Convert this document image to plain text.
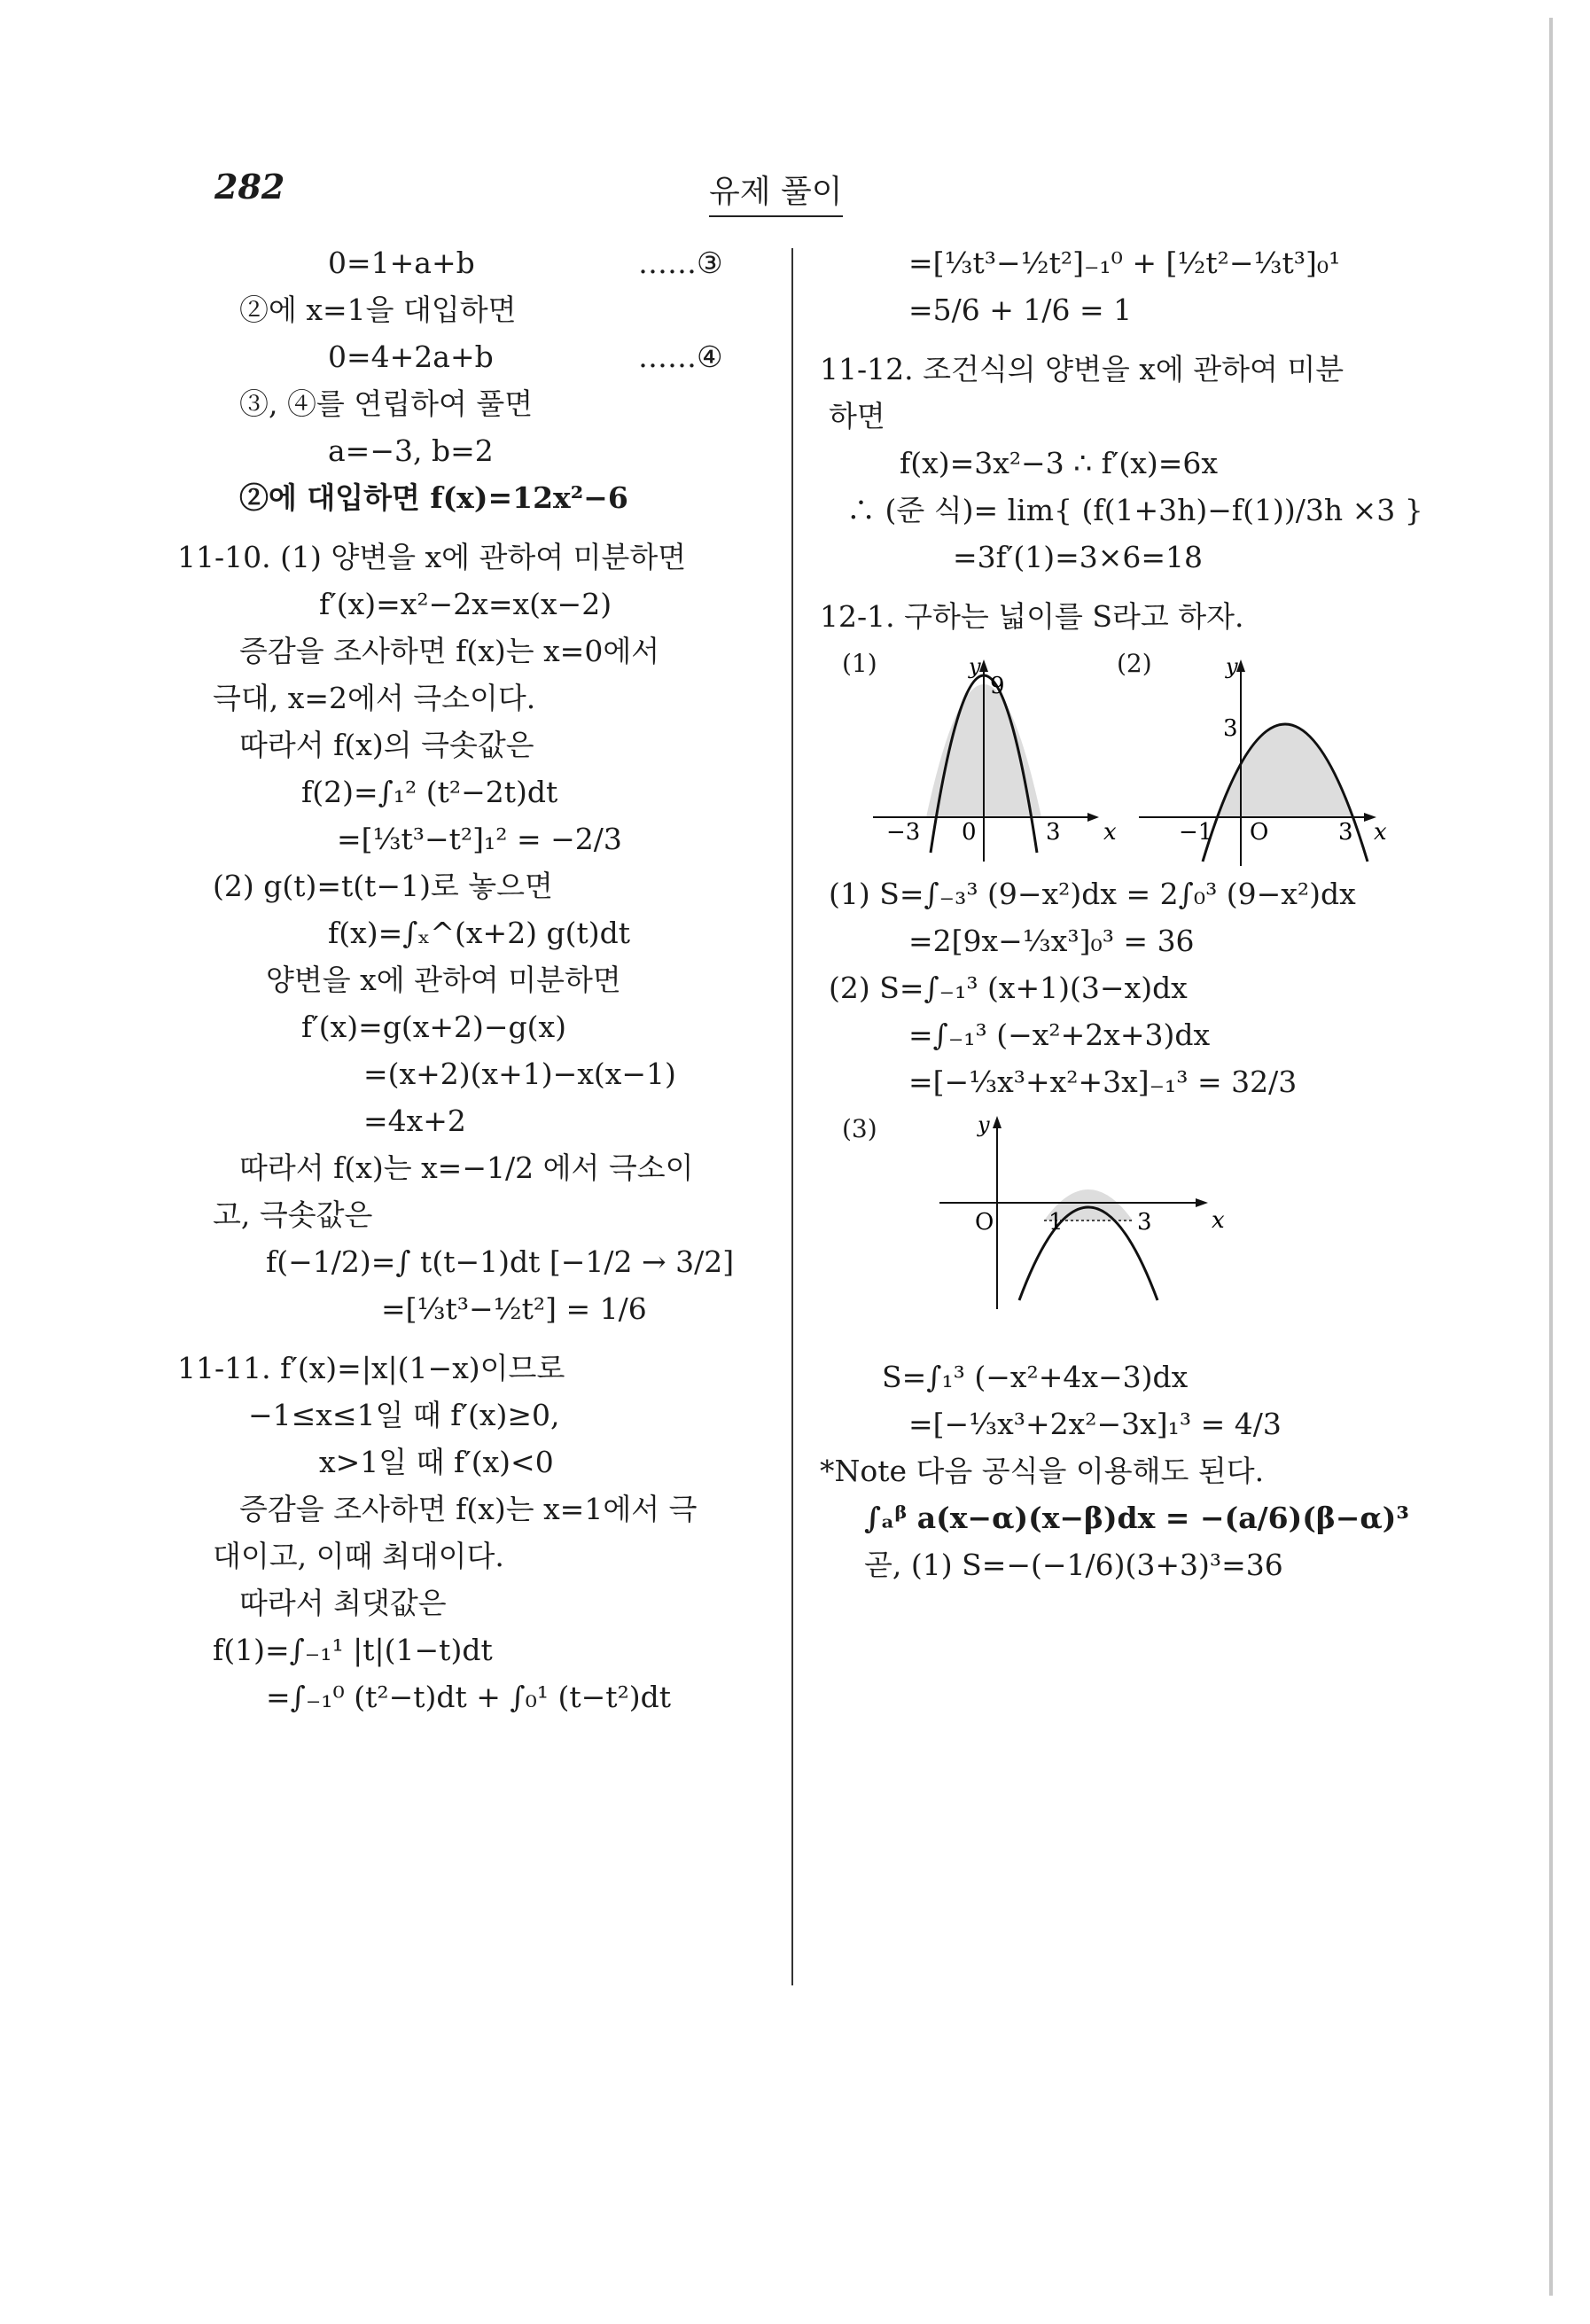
282	유제 풀이
0=1+a+b	……③
②에 x=1을 대입하면
0=4+2a+b	……④
③, ④를 연립하여 풀면
a=−3, b=2
②에 대입하면 f(x)=12x²−6
11-10. (1) 양변을 x에 관하여 미분하면
f′(x)=x²−2x=x(x−2)
증감을 조사하면 f(x)는 x=0에서
극대, x=2에서 극소이다.
따라서 f(x)의 극솟값은
f(2)=∫₁² (t²−2t)dt
=[⅓t³−t²]₁² = −2/3
(2) g(t)=t(t−1)로 놓으면
f(x)=∫ₓ^(x+2) g(t)dt
양변을 x에 관하여 미분하면
f′(x)=g(x+2)−g(x)
=(x+2)(x+1)−x(x−1)
=4x+2
따라서 f(x)는 x=−1/2 에서 극소이
고, 극솟값은
f(−1/2)=∫ t(t−1)dt [−1/2 → 3/2]
=[⅓t³−½t²] = 1/6
11-11. f′(x)=|x|(1−x)이므로
−1≤x≤1일 때 f′(x)≥0,
x>1일 때 f′(x)<0
증감을 조사하면 f(x)는 x=1에서 극
대이고, 이때 최대이다.
따라서 최댓값은
f(1)=∫₋₁¹ |t|(1−t)dt
=∫₋₁⁰ (t²−t)dt + ∫₀¹ (t−t²)dt
=[⅓t³−½t²]₋₁⁰ + [½t²−⅓t³]₀¹
=5/6 + 1/6 = 1
11-12. 조건식의 양변을 x에 관하여 미분
하면
f(x)=3x²−3 ∴ f′(x)=6x
∴ (준 식)= lim{ (f(1+3h)−f(1))/3h ×3 }
=3f′(1)=3×6=18
12-1. 구하는 넓이를 S라고 하자.
(1)
x
y
9
−3 0	3
(2)
x
y
3
−1 O	3
(1) S=∫₋₃³ (9−x²)dx = 2∫₀³ (9−x²)dx
=2[9x−⅓x³]₀³ = 36
(2) S=∫₋₁³ (x+1)(3−x)dx
=∫₋₁³ (−x²+2x+3)dx
=[−⅓x³+x²+3x]₋₁³ = 32/3
(3)
x
y
O 1	3
S=∫₁³ (−x²+4x−3)dx
=[−⅓x³+2x²−3x]₁³ = 4/3
*Note 다음 공식을 이용해도 된다.
∫ₐᵝ a(x−α)(x−β)dx = −(a/6)(β−α)³
곧, (1) S=−(−1/6)(3+3)³=36
